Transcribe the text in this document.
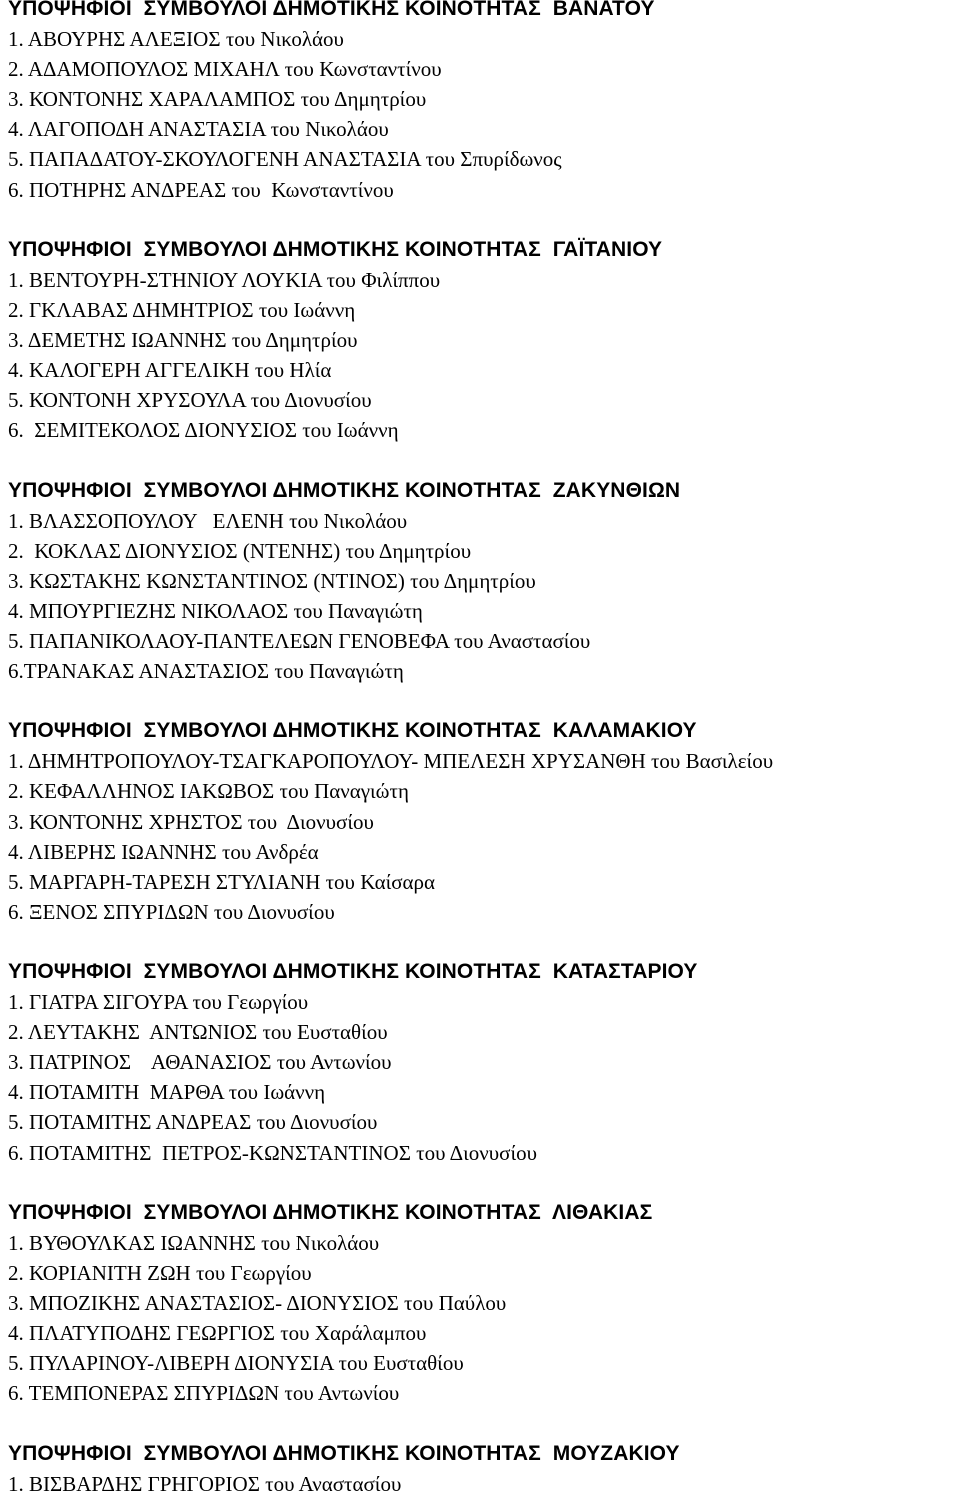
ΥΠΟΨΗΦΙΟΙ  ΣΥΜΒΟΥΛΟΙ ΔΗΜΟΤΙΚΗΣ ΚΟΙΝΟΤΗΤΑΣ  ΒΑΝΑΤΟΥ
1. ΑΒΟΥΡΗΣ ΑΛΕΞΙΟΣ του Νικολάου
2. ΑΔΑΜΟΠΟΥΛΟΣ ΜΙΧΑΗΛ του Κωνσταντίνου
3. ΚΟΝΤΟΝΗΣ ΧΑΡΑΛΑΜΠΟΣ του Δημητρίου
4. ΛΑΓΟΠΟΔΗ ΑΝΑΣΤΑΣΙΑ του Νικολάου
5. ΠΑΠΑΔΑΤΟΥ-ΣΚΟΥΛΟΓΕΝΗ ΑΝΑΣΤΑΣΙΑ του Σπυρίδωνος
6. ΠΟΤΗΡΗΣ ΑΝΔΡΕΑΣ του  Κωνσταντίνου
ΥΠΟΨΗΦΙΟΙ  ΣΥΜΒΟΥΛΟΙ ΔΗΜΟΤΙΚΗΣ ΚΟΙΝΟΤΗΤΑΣ  ΓΑΪΤΑΝΙΟΥ
1. ΒΕΝΤΟΥΡΗ-ΣΤΗΝΙΟΥ ΛΟΥΚΙΑ του Φιλίππου
2. ΓΚΛΑΒΑΣ ΔΗΜΗΤΡΙΟΣ του Ιωάννη
3. ΔΕΜΕΤΗΣ ΙΩΑΝΝΗΣ του Δημητρίου
4. ΚΑΛΟΓΕΡΗ ΑΓΓΕΛΙΚΗ του Ηλία
5. ΚΟΝΤΟΝΗ ΧΡΥΣΟΥΛΑ του Διονυσίου
6.  ΣΕΜΙΤΕΚΟΛΟΣ ΔΙΟΝΥΣΙΟΣ του Ιωάννη
ΥΠΟΨΗΦΙΟΙ  ΣΥΜΒΟΥΛΟΙ ΔΗΜΟΤΙΚΗΣ ΚΟΙΝΟΤΗΤΑΣ  ΖΑΚΥΝΘΙΩΝ
1. ΒΛΑΣΣΟΠΟΥΛΟΥ   ΕΛΕΝΗ του Νικολάου
2.  ΚΟΚΛΑΣ ΔΙΟΝΥΣΙΟΣ (ΝΤΕΝΗΣ) του Δημητρίου
3. ΚΩΣΤΑΚΗΣ ΚΩΝΣΤΑΝΤΙΝΟΣ (ΝΤΙΝΟΣ) του Δημητρίου
4. ΜΠΟΥΡΓΙΕΖΗΣ ΝΙΚΟΛΑΟΣ του Παναγιώτη
5. ΠΑΠΑΝΙΚΟΛΑΟΥ-ΠΑΝΤΕΛΕΩΝ ΓΕΝΟΒΕΦΑ του Αναστασίου
6.ΤΡΑΝΑΚΑΣ ΑΝΑΣΤΑΣΙΟΣ του Παναγιώτη
ΥΠΟΨΗΦΙΟΙ  ΣΥΜΒΟΥΛΟΙ ΔΗΜΟΤΙΚΗΣ ΚΟΙΝΟΤΗΤΑΣ  ΚΑΛΑΜΑΚΙΟΥ
1. ΔΗΜΗΤΡΟΠΟΥΛΟΥ-ΤΣΑΓΚΑΡΟΠΟΥΛΟΥ- ΜΠΕΛΕΣΗ ΧΡΥΣΑΝΘΗ του Βασιλείου
2. ΚΕΦΑΛΛΗΝΟΣ ΙΑΚΩΒΟΣ του Παναγιώτη
3. ΚΟΝΤΟΝΗΣ ΧΡΗΣΤΟΣ του  Διονυσίου
4. ΛΙΒΕΡΗΣ ΙΩΑΝΝΗΣ του Ανδρέα
5. ΜΑΡΓΑΡΗ-ΤΑΡΕΣΗ ΣΤΥΛΙΑΝΗ του Καίσαρα
6. ΞΕΝΟΣ ΣΠΥΡΙΔΩΝ του Διονυσίου
ΥΠΟΨΗΦΙΟΙ  ΣΥΜΒΟΥΛΟΙ ΔΗΜΟΤΙΚΗΣ ΚΟΙΝΟΤΗΤΑΣ  ΚΑΤΑΣΤΑΡΙΟΥ
1. ΓΙΑΤΡΑ ΣΙΓΟΥΡΑ του Γεωργίου
2. ΛΕΥΤΑΚΗΣ  ΑΝΤΩΝΙΟΣ του Ευσταθίου
3. ΠΑΤΡΙΝΟΣ    ΑΘΑΝΑΣΙΟΣ του Αντωνίου
4. ΠΟΤΑΜΙΤΗ  ΜΑΡΘΑ του Ιωάννη
5. ΠΟΤΑΜΙΤΗΣ ΑΝΔΡΕΑΣ του Διονυσίου
6. ΠΟΤΑΜΙΤΗΣ  ΠΕΤΡΟΣ-ΚΩΝΣΤΑΝΤΙΝΟΣ του Διονυσίου
ΥΠΟΨΗΦΙΟΙ  ΣΥΜΒΟΥΛΟΙ ΔΗΜΟΤΙΚΗΣ ΚΟΙΝΟΤΗΤΑΣ  ΛΙΘΑΚΙΑΣ
1. ΒΥΘΟΥΛΚΑΣ ΙΩΑΝΝΗΣ του Νικολάου
2. ΚΟΡΙΑΝΙΤΗ ΖΩΗ του Γεωργίου
3. ΜΠΟΖΙΚΗΣ ΑΝΑΣΤΑΣΙΟΣ- ΔΙΟΝΥΣΙΟΣ του Παύλου
4. ΠΛΑΤΥΠΟΔΗΣ ΓΕΩΡΓΙΟΣ του Χαράλαμπου
5. ΠΥΛΑΡΙΝΟΥ-ΛΙΒΕΡΗ ΔΙΟΝΥΣΙΑ του Ευσταθίου
6. ΤΕΜΠΟΝΕΡΑΣ ΣΠΥΡΙΔΩΝ του Αντωνίου
ΥΠΟΨΗΦΙΟΙ  ΣΥΜΒΟΥΛΟΙ ΔΗΜΟΤΙΚΗΣ ΚΟΙΝΟΤΗΤΑΣ  ΜΟΥΖΑΚΙΟΥ
1. ΒΙΣΒΑΡΔΗΣ ΓΡΗΓΟΡΙΟΣ του Αναστασίου
